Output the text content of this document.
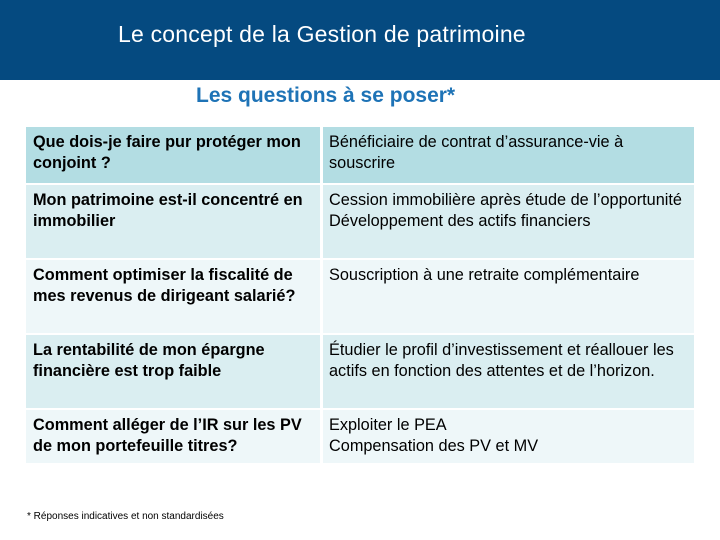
Le concept de la Gestion de patrimoine
Les questions à se poser*
Que dois-je faire pur protéger mon conjoint ?	Bénéficiaire de contrat d’assurance-vie à souscrire

Mon patrimoine est-il concentré en immobilier	Cession immobilière après étude de l’opportunité
Développement des actifs financiers

Comment optimiser la fiscalité de mes revenus de dirigeant salarié?	Souscription à une retraite complémentaire

La rentabilité de mon épargne financière est trop faible	Étudier le profil d’investissement et réallouer les actifs en fonction des attentes et de l’horizon.

Comment alléger de l’IR sur les PV de mon portefeuille titres?	Exploiter le PEA
Compensation des PV et MV
* Réponses indicatives et non standardisées
